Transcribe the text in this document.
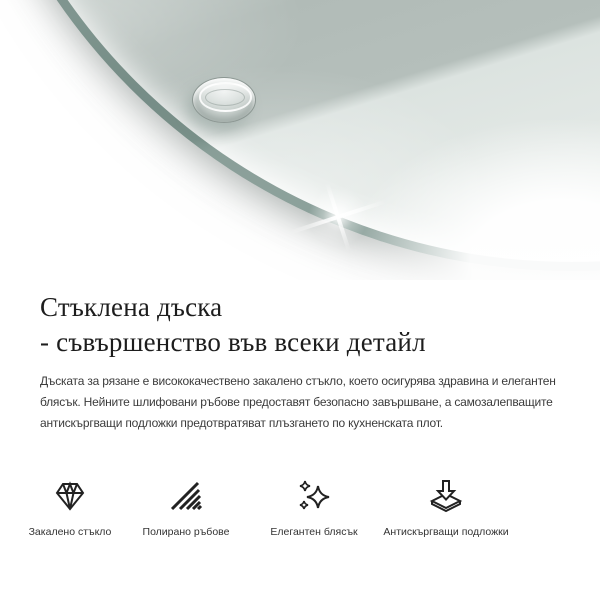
Стъклена дъска
- съвършенство във всеки детайл
Дъската за рязане е висококачествено закалено стъкло, което осигурява здравина и елегантен
блясък. Нейните шлифовани ръбове предоставят безопасно завършване, а самозалепващите
антискъргващи подложки предотвратяват плъзгането по кухненската плот.
Закалено стъкло	Полирано ръбове	Елегантен блясък Антискъргващи подложки
